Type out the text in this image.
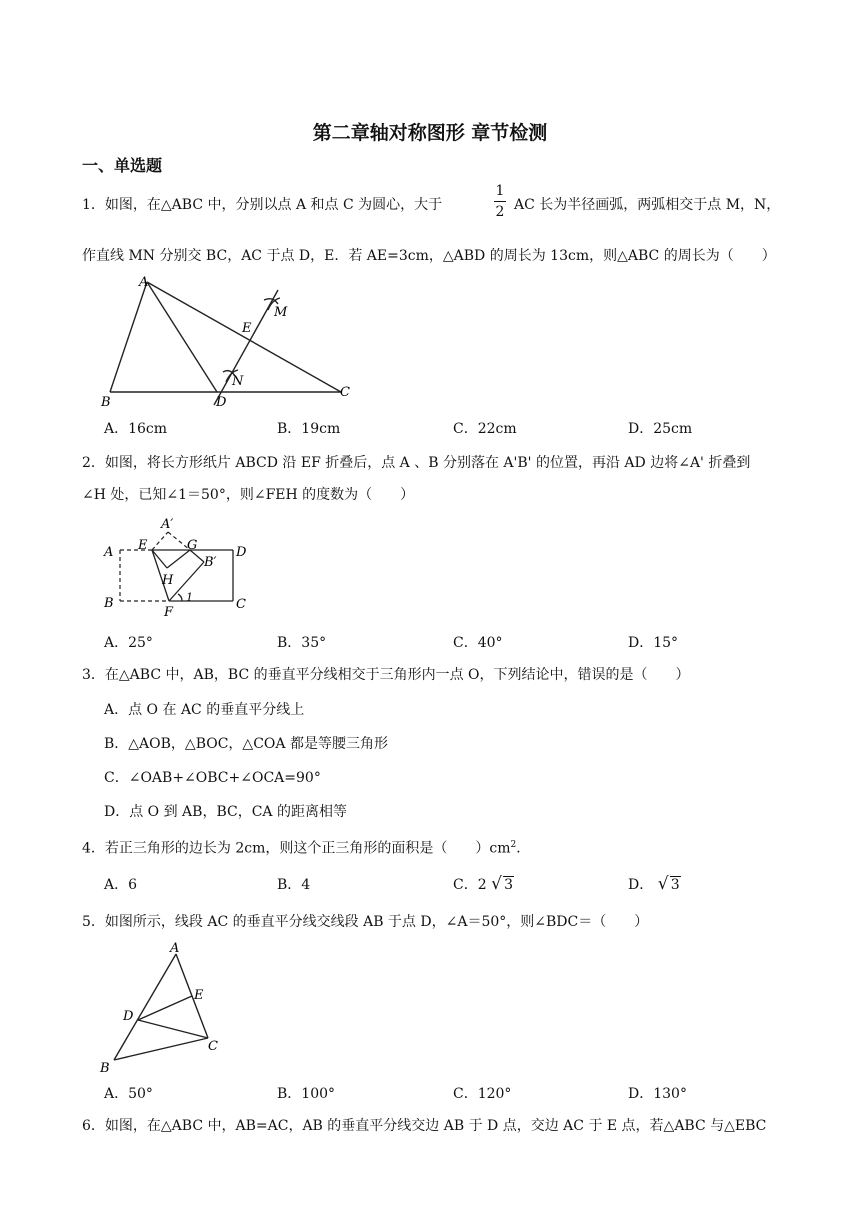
第二章轴对称图形 章节检测
一、单选题
1．如图，在△ABC 中，分别以点 A 和点 C 为圆心，大于
1
2 AC 长为半径画弧，两弧相交于点 M，N，
作直线 MN 分别交 BC，AC 于点 D，E．若 AE=3cm，△ABD 的周长为 13cm，则△ABC 的周长为（　　）
A
B
C
D
E
M
N
A．16cm	B．19cm	C．22cm	D．25cm
2．如图，将长方形纸片 ABCD 沿 EF 折叠后，点 A 、B 分别落在 A'B' 的位置，再沿 AD 边将∠A' 折叠到
∠H 处，已知∠1＝50°，则∠FEH 的度数为（　　）
A
B	C
D
E
F
G
H
A′
B′
1
A．25°	B．35°	C．40°	D．15°
3．在△ABC 中，AB，BC 的垂直平分线相交于三角形内一点 O，下列结论中，错误的是（　　）
A．点 O 在 AC 的垂直平分线上
B．△AOB，△BOC，△COA 都是等腰三角形
C．∠OAB+∠OBC+∠OCA=90°
D．点 O 到 AB，BC，CA 的距离相等
4．若正三角形的边长为 2cm，则这个正三角形的面积是（　　）$cm^2$．
A．6	B．4	C．2 √ 3	D． √ 3
5．如图所示，线段 AC 的垂直平分线交线段 AB 于点 D，∠A＝50°，则∠BDC＝（　　）
A
B
C
D
E
A．50°	B．100°	C．120°	D．130°
6．如图，在△ABC 中，AB=AC，AB 的垂直平分线交边 AB 于 D 点，交边 AC 于 E 点，若△ABC 与△EBC
